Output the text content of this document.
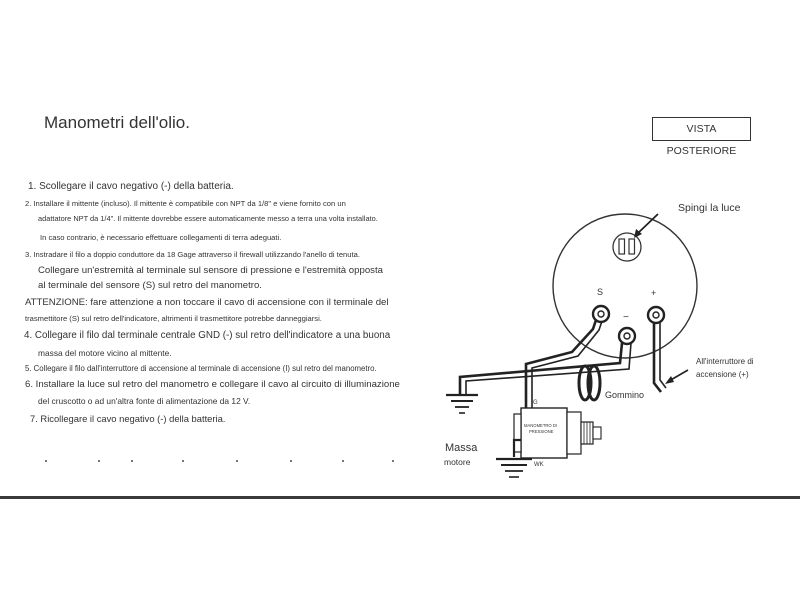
Manometri dell'olio.	VISTA POSTERIORE
1. Scollegare il cavo negativo (-) della batteria.
2. Installare il mittente (incluso). Il mittente è compatibile con NPT da 1/8" e viene fornito con un
adattatore NPT da 1/4". Il mittente dovrebbe essere automaticamente messo a terra una volta installato.
In caso contrario, è necessario effettuare collegamenti di terra adeguati.
3. Instradare il filo a doppio conduttore da 18 Gage attraverso il firewall utilizzando l'anello di tenuta.
Collegare un'estremità al terminale sul sensore di pressione e l'estremità opposta
al terminale del sensore (S) sul retro del manometro.
ATTENZIONE: fare attenzione a non toccare il cavo di accensione con il terminale del
trasmettitore (S) sul retro dell'indicatore, altrimenti il trasmettitore potrebbe danneggiarsi.
4. Collegare il filo dal terminale centrale GND (-) sul retro dell'indicatore a una buona
massa del motore vicino al mittente.
5. Collegare il filo dall'interruttore di accensione al terminale di accensione (I) sul retro del manometro.
6. Installare la luce sul retro del manometro e collegare il cavo al circuito di illuminazione
del cruscotto o ad un'altra fonte di alimentazione da 12 V.
7. Ricollegare il cavo negativo (-) della batteria.
Spingi la luce
S
−
+
Gommino
All'interruttore di
accensione (+)
G
MANOMETRO DI
PRESSIONE
WK
Massa
motore
